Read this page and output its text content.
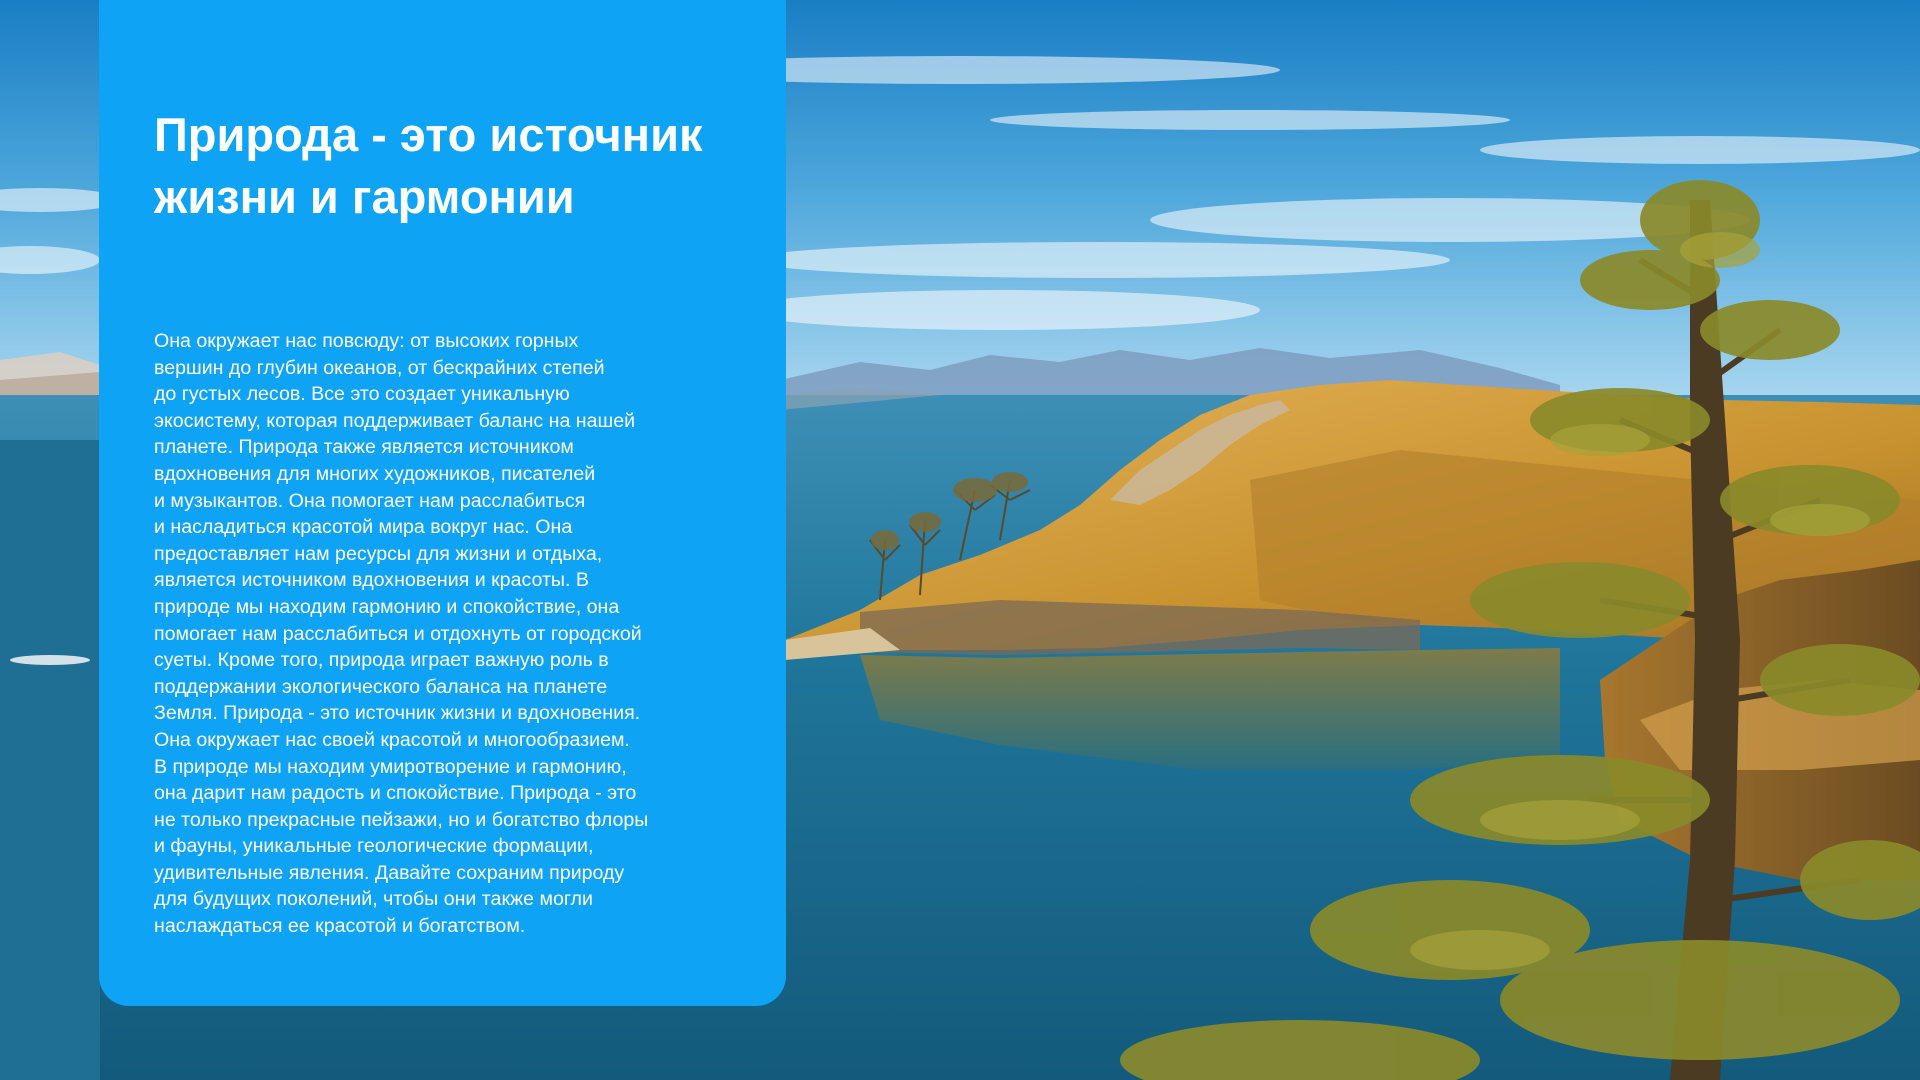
Природа - это источник жизни и гармонии

Она окружает нас повсюду: от высоких горных
вершин до глубин океанов, от бескрайних степей
до густых лесов. Все это создает уникальную
экосистему, которая поддерживает баланс на нашей
планете. Природа также является источником
вдохновения для многих художников, писателей
и музыкантов. Она помогает нам расслабиться
и насладиться красотой мира вокруг нас. Она
предоставляет нам ресурсы для жизни и отдыха,
является источником вдохновения и красоты. В
природе мы находим гармонию и спокойствие, она
помогает нам расслабиться и отдохнуть от городской
суеты. Кроме того, природа играет важную роль в
поддержании экологического баланса на планете
Земля. Природа - это источник жизни и вдохновения.
Она окружает нас своей красотой и многообразием.
В природе мы находим умиротворение и гармонию,
она дарит нам радость и спокойствие. Природа - это
не только прекрасные пейзажи, но и богатство флоры
и фауны, уникальные геологические формации,
удивительные явления. Давайте сохраним природу
для будущих поколений, чтобы они также могли
наслаждаться ее красотой и богатством.
